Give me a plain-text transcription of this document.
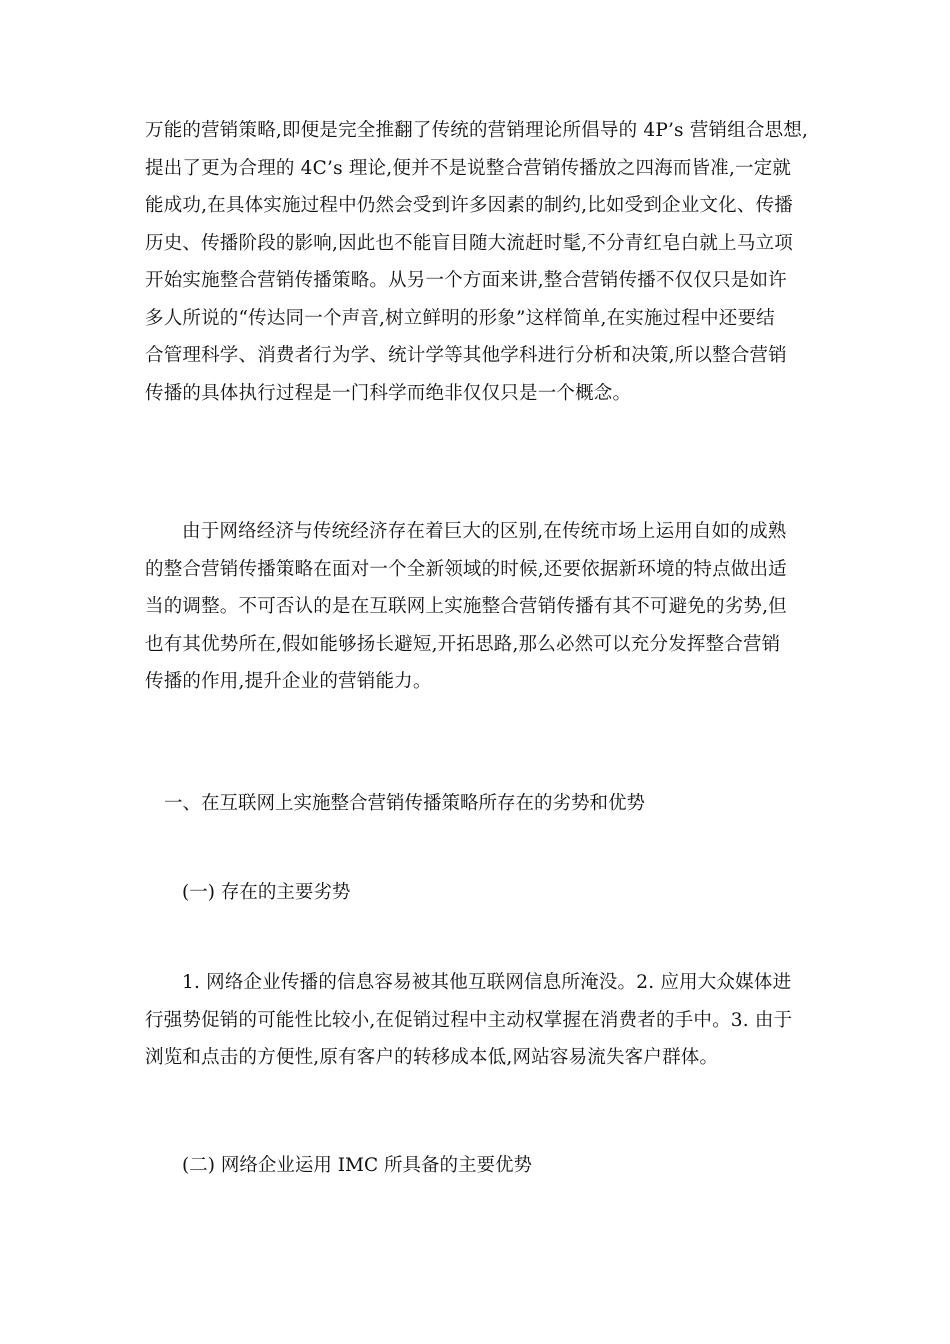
万能的营销策略,即便是完全推翻了传统的营销理论所倡导的 4P’s 营销组合思想,
提出了更为合理的 4C’s 理论,便并不是说整合营销传播放之四海而皆准,一定就
能成功,在具体实施过程中仍然会受到许多因素的制约,比如受到企业文化、传播
历史、传播阶段的影响,因此也不能盲目随大流赶时髦,不分青红皂白就上马立项
开始实施整合营销传播策略。从另一个方面来讲,整合营销传播不仅仅只是如许
多人所说的“传达同一个声音,树立鲜明的形象”这样简单,在实施过程中还要结
合管理科学、消费者行为学、统计学等其他学科进行分析和决策,所以整合营销
传播的具体执行过程是一门科学而绝非仅仅只是一个概念。
由于网络经济与传统经济存在着巨大的区别,在传统市场上运用自如的成熟
的整合营销传播策略在面对一个全新领域的时候,还要依据新环境的特点做出适
当的调整。不可否认的是在互联网上实施整合营销传播有其不可避免的劣势,但
也有其优势所在,假如能够扬长避短,开拓思路,那么必然可以充分发挥整合营销
传播的作用,提升企业的营销能力。
一、在互联网上实施整合营销传播策略所存在的劣势和优势
(一) 存在的主要劣势
1. 网络企业传播的信息容易被其他互联网信息所淹没。2. 应用大众媒体进
行强势促销的可能性比较小,在促销过程中主动权掌握在消费者的手中。3. 由于
浏览和点击的方便性,原有客户的转移成本低,网站容易流失客户群体。
(二) 网络企业运用 IMC 所具备的主要优势
